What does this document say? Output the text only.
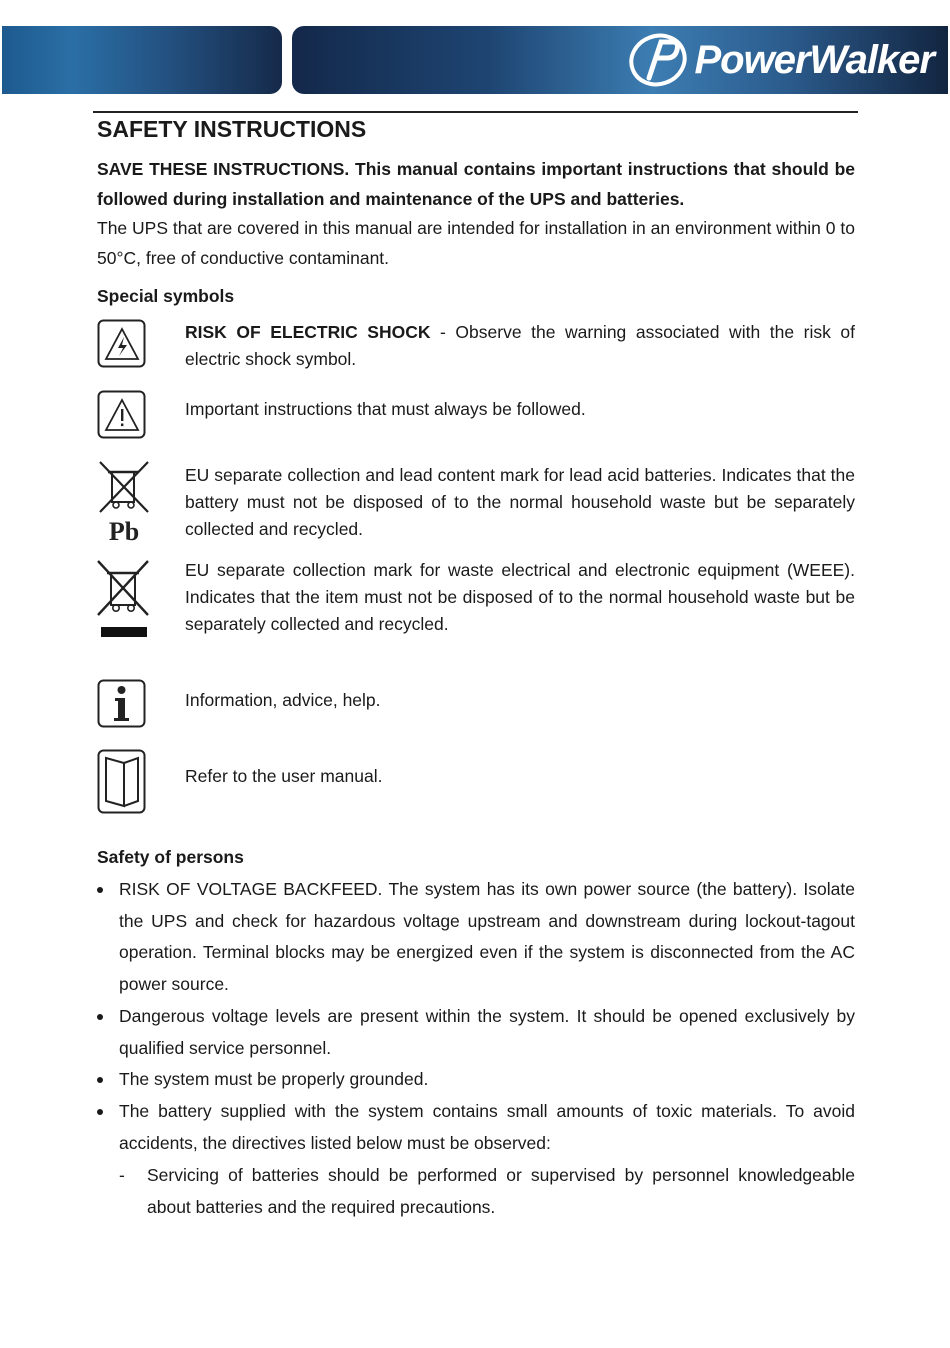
PowerWalker
SAFETY INSTRUCTIONS
SAVE THESE INSTRUCTIONS. This manual contains important instructions that should be followed during installation and maintenance of the UPS and batteries.
The UPS that are covered in this manual are intended for installation in an environment within 0 to 50°C, free of conductive contaminant.
Special symbols
RISK OF ELECTRIC SHOCK - Observe the warning associated with the risk of electric shock symbol.
Important instructions that must always be followed.
Pb
EU separate collection and lead content mark for lead acid batteries. Indicates that the battery must not be disposed of to the normal household waste but be separately collected and recycled.
EU separate collection mark for waste electrical and electronic equipment (WEEE). Indicates that the item must not be disposed of to the normal household waste but be separately collected and recycled.
Information, advice, help.
Refer to the user manual.
Safety of persons
RISK OF VOLTAGE BACKFEED. The system has its own power source (the battery). Isolate the UPS and check for hazardous voltage upstream and downstream during lockout-tagout operation. Terminal blocks may be energized even if the system is disconnected from the AC power source.
Dangerous voltage levels are present within the system. It should be opened exclusively by qualified service personnel.
The system must be properly grounded.
The battery supplied with the system contains small amounts of toxic materials. To avoid accidents, the directives listed below must be observed:
- Servicing of batteries should be performed or supervised by personnel knowledgeable about batteries and the required precautions.
